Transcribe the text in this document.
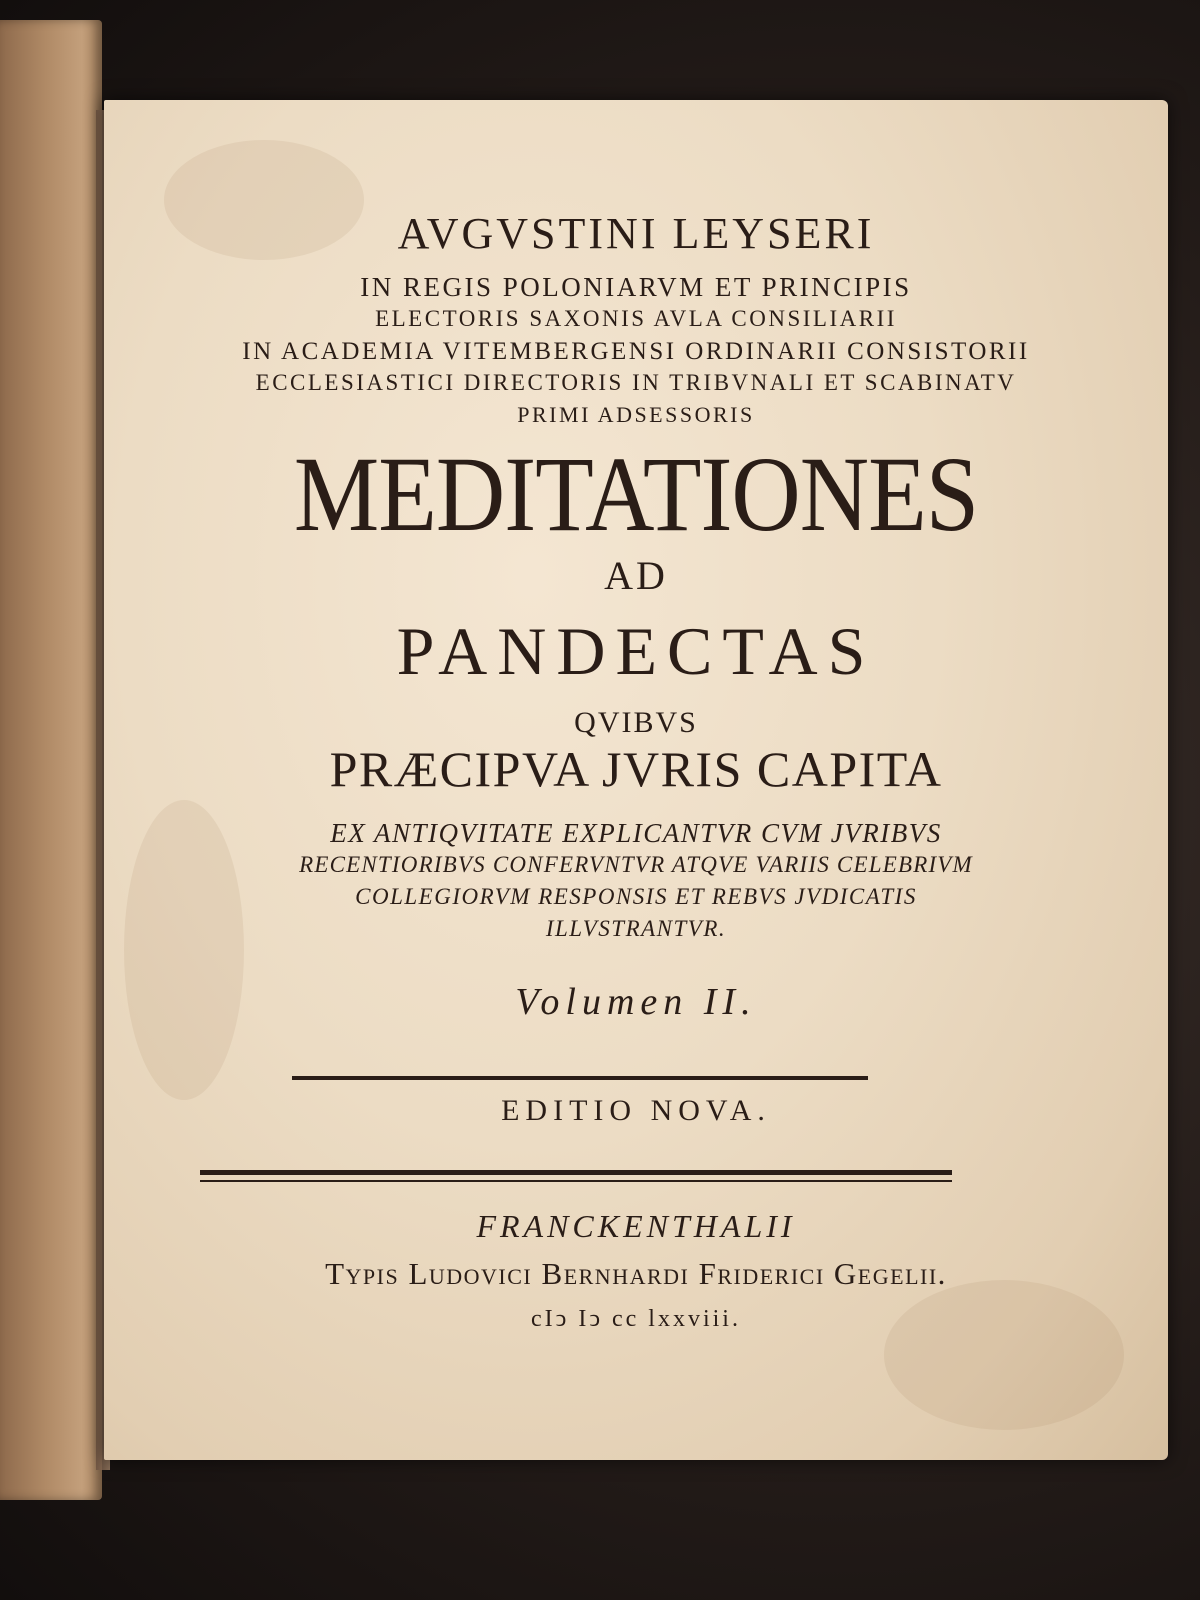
AVGVSTINI LEYSERI
IN REGIS POLONIARVM ET PRINCIPIS
ELECTORIS SAXONIS AVLA CONSILIARII
IN ACADEMIA VITEMBERGENSI ORDINARII CONSISTORII
ECCLESIASTICI DIRECTORIS IN TRIBVNALI ET SCABINATV
PRIMI ADSESSORIS
MEDITATIONES
AD
PANDECTAS
QVIBVS
PRÆCIPVA JVRIS CAPITA
EX ANTIQVITATE EXPLICANTVR CVM JVRIBVS
RECENTIORIBVS CONFERVNTVR ATQVE VARIIS CELEBRIVM
COLLEGIORVM RESPONSIS ET REBVS JVDICATIS
ILLVSTRANTVR.
Volumen II.
EDITIO NOVA.
FRANCKENTHALII
Typis Ludovici Bernhardi Friderici Gegelii.
cIↄ Iↄ cc lxxviii.
